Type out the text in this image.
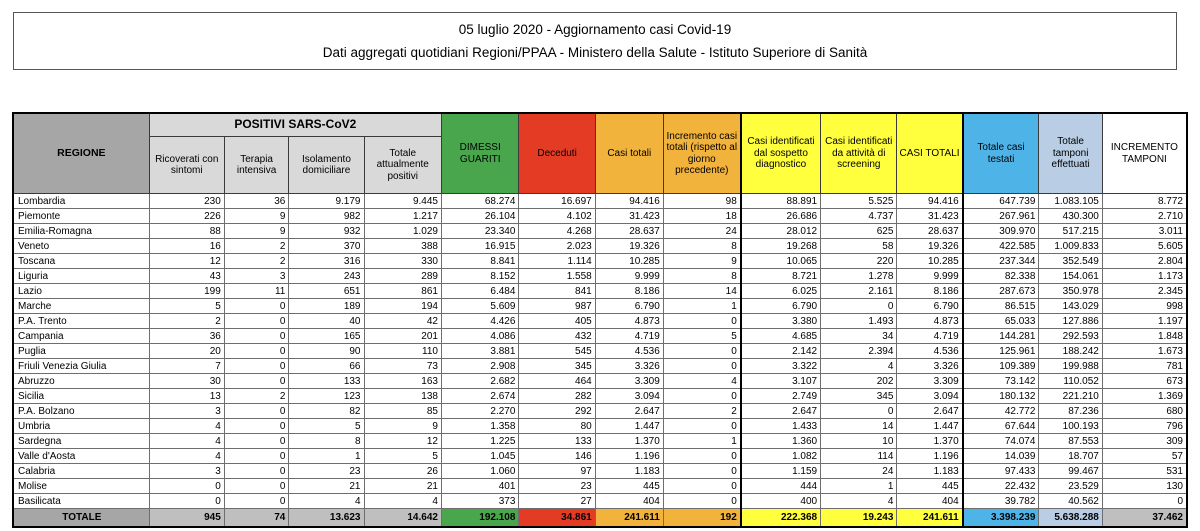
05 luglio 2020 - Aggiornamento casi Covid-19
Dati aggregati quotidiani Regioni/PPAA - Ministero della Salute - Istituto Superiore di Sanità
REGIONE	POSITIVI SARS-CoV2				DIMESSI GUARITI	Deceduti	Casi totali	Incremento casi totali (rispetto al giorno precedente)	Casi identificati dal sospetto diagnostico	Casi identificati da attività di screening	CASI TOTALI	Totale casi testati	Totale tamponi effettuati	INCREMENTO TAMPONI
	Ricoverati con sintomi	Terapia intensiva	Isolamento domiciliare	Totale attualmente positivi										
Lombardia	230	36	9.179	9.445	68.274	16.697	94.416	98	88.891	5.525	94.416	647.739	1.083.105	8.772
Piemonte	226	9	982	1.217	26.104	4.102	31.423	18	26.686	4.737	31.423	267.961	430.300	2.710
Emilia-Romagna	88	9	932	1.029	23.340	4.268	28.637	24	28.012	625	28.637	309.970	517.215	3.011
Veneto	16	2	370	388	16.915	2.023	19.326	8	19.268	58	19.326	422.585	1.009.833	5.605
Toscana	12	2	316	330	8.841	1.114	10.285	9	10.065	220	10.285	237.344	352.549	2.804
Liguria	43	3	243	289	8.152	1.558	9.999	8	8.721	1.278	9.999	82.338	154.061	1.173
Lazio	199	11	651	861	6.484	841	8.186	14	6.025	2.161	8.186	287.673	350.978	2.345
Marche	5	0	189	194	5.609	987	6.790	1	6.790	0	6.790	86.515	143.029	998
P.A. Trento	2	0	40	42	4.426	405	4.873	0	3.380	1.493	4.873	65.033	127.886	1.197
Campania	36	0	165	201	4.086	432	4.719	5	4.685	34	4.719	144.281	292.593	1.848
Puglia	20	0	90	110	3.881	545	4.536	0	2.142	2.394	4.536	125.961	188.242	1.673
Friuli Venezia Giulia	7	0	66	73	2.908	345	3.326	0	3.322	4	3.326	109.389	199.988	781
Abruzzo	30	0	133	163	2.682	464	3.309	4	3.107	202	3.309	73.142	110.052	673
Sicilia	13	2	123	138	2.674	282	3.094	0	2.749	345	3.094	180.132	221.210	1.369
P.A. Bolzano	3	0	82	85	2.270	292	2.647	2	2.647	0	2.647	42.772	87.236	680
Umbria	4	0	5	9	1.358	80	1.447	0	1.433	14	1.447	67.644	100.193	796
Sardegna	4	0	8	12	1.225	133	1.370	1	1.360	10	1.370	74.074	87.553	309
Valle d'Aosta	4	0	1	5	1.045	146	1.196	0	1.082	114	1.196	14.039	18.707	57
Calabria	3	0	23	26	1.060	97	1.183	0	1.159	24	1.183	97.433	99.467	531
Molise	0	0	21	21	401	23	445	0	444	1	445	22.432	23.529	130
Basilicata	0	0	4	4	373	27	404	0	400	4	404	39.782	40.562	0
TOTALE	945	74	13.623	14.642	192.108	34.861	241.611	192	222.368	19.243	241.611	3.398.239	5.638.288	37.462
